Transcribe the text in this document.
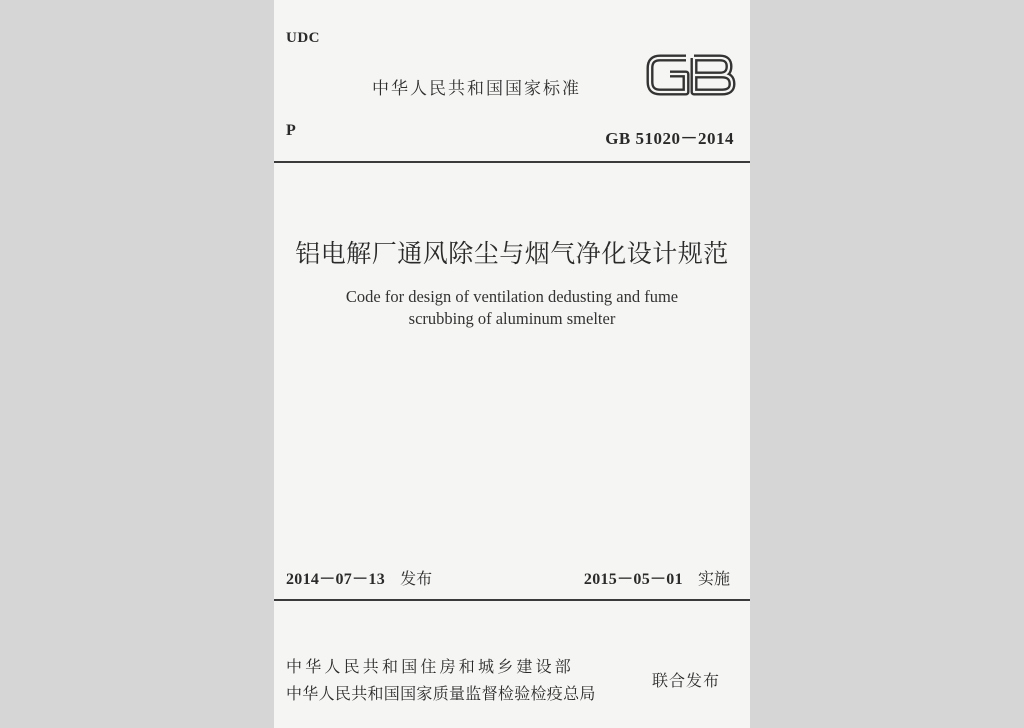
UDC
中华人民共和国国家标准
P	GB 51020－2014
铝电解厂通风除尘与烟气净化设计规范
Code for design of ventilation dedusting and fume
scrubbing of aluminum smelter
2014－07－13 发布	2015－05－01 实施
中华人民共和国住房和城乡建设部
中华人民共和国国家质量监督检验检疫总局
联合发布
